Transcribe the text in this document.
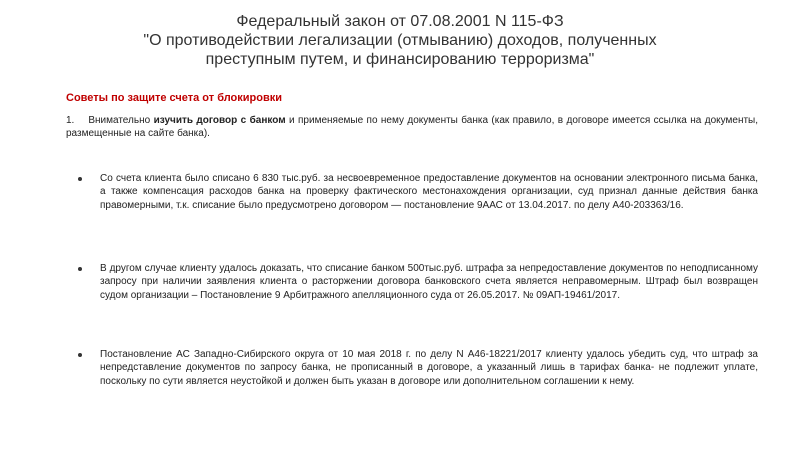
Федеральный закон от 07.08.2001 N 115-ФЗ
"О противодействии легализации (отмыванию) доходов, полученных
преступным путем, и финансированию терроризма"
Советы по защите счета от блокировки
1. Внимательно изучить договор с банком и применяемые по нему документы банка (как правило, в договоре имеется ссылка на документы, размещенные на сайте банка).
Со счета клиента было списано 6 830 тыс.руб. за несвоевременное предоставление документов на основании электронного письма банка, а также компенсация расходов банка на проверку фактического местонахождения организации, суд признал данные действия банка правомерными, т.к. списание было предусмотрено договором — постановление 9ААС от 13.04.2017. по делу А40-203363/16.
В другом случае клиенту удалось доказать, что списание банком 500тыс.руб. штрафа за непредоставление документов по неподписанному запросу при наличии заявления клиента о расторжении договора банковского счета является неправомерным. Штраф был возвращен судом организации – Постановление 9 Арбитражного апелляционного суда от 26.05.2017. № 09АП-19461/2017.
Постановление АС Западно-Сибирского округа от 10 мая 2018 г. по делу N А46-18221/2017 клиенту удалось убедить суд, что штраф за непредставление документов по запросу банка, не прописанный в договоре, а указанный лишь в тарифах банка- не подлежит уплате, поскольку по сути является неустойкой и должен быть указан в договоре или дополнительном соглашении к нему.
